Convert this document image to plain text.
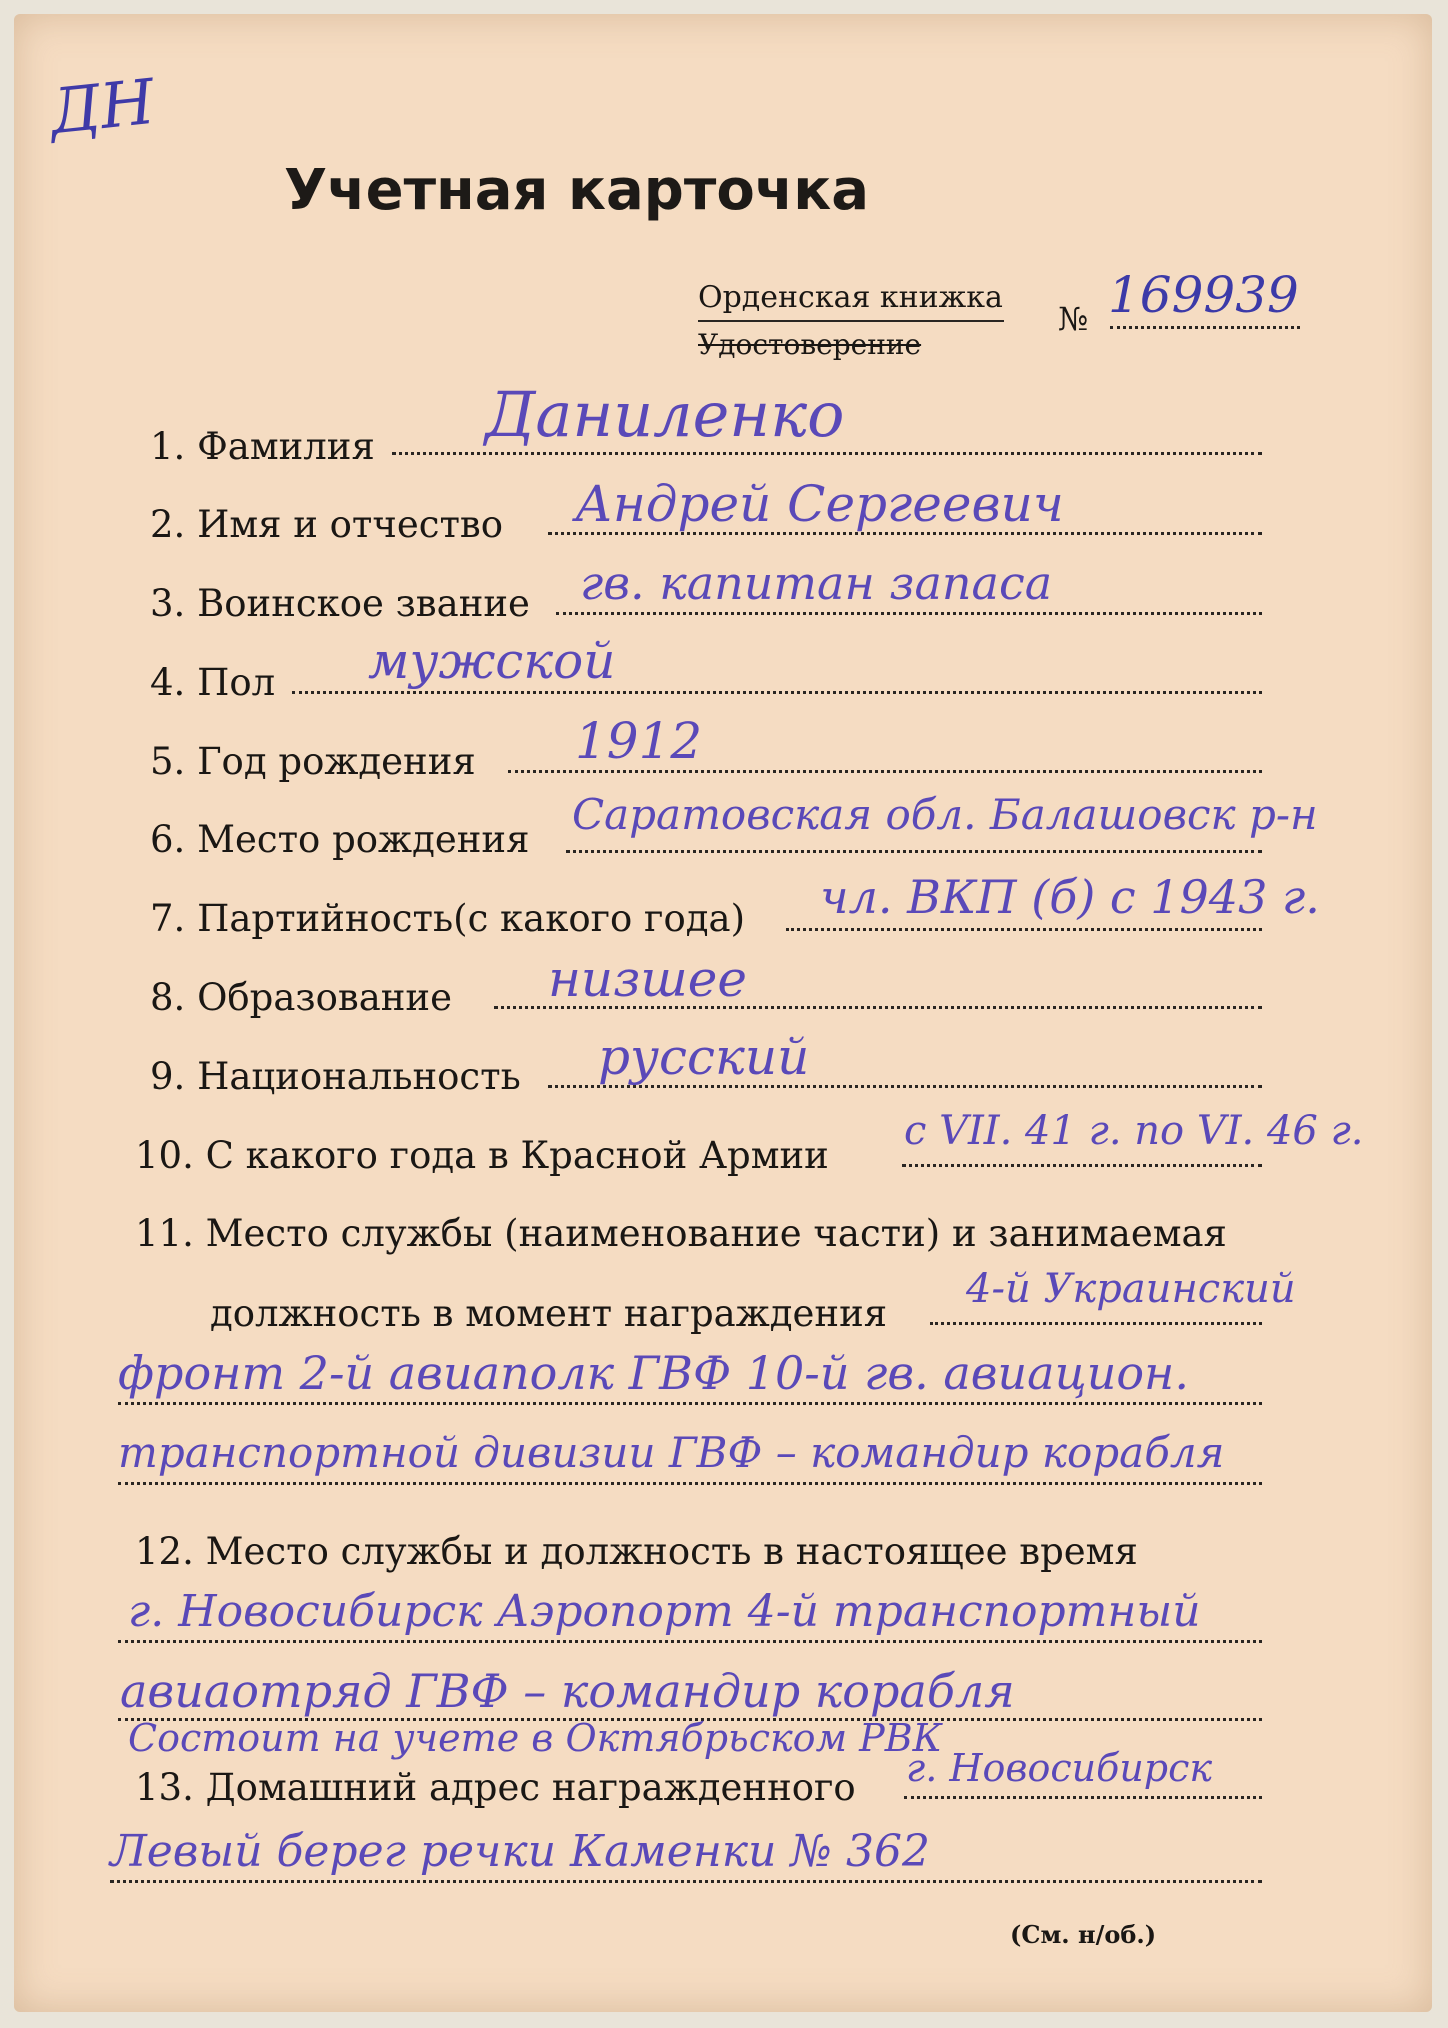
ДН
Учетная карточка
Орденская книжка
Удостоверение
№ 169939
1. Фамилия Даниленко
2. Имя и отчество Андрей Сергеевич
3. Воинское звание гв. капитан запаса
4. Пол мужской
5. Год рождения 1912
6. Место рождения
Саратовская обл. Балашовск р-н
7. Партийность(с какого года) чл. ВКП (б) с 1943 г.
8. Образование низшее
9. Национальность русский
10. С какого года в Красной Армии
с VII. 41 г. по VI. 46 г.
11. Место службы (наименование части) и занимаемая
должность в момент награждения
4-й Украинский
фронт 2-й авиаполк ГВФ 10-й гв. авиацион.
транспортной дивизии ГВФ – командир корабля
12. Место службы и должность в настоящее время
г. Новосибирск Аэропорт 4-й транспортный
авиаотряд ГВФ – командир корабля
Состоит на учете в Октябрьском РВК
13. Домашний адрес награжденного г. Новосибирск
Левый берег речки Каменки № 362
(См. н/об.)
